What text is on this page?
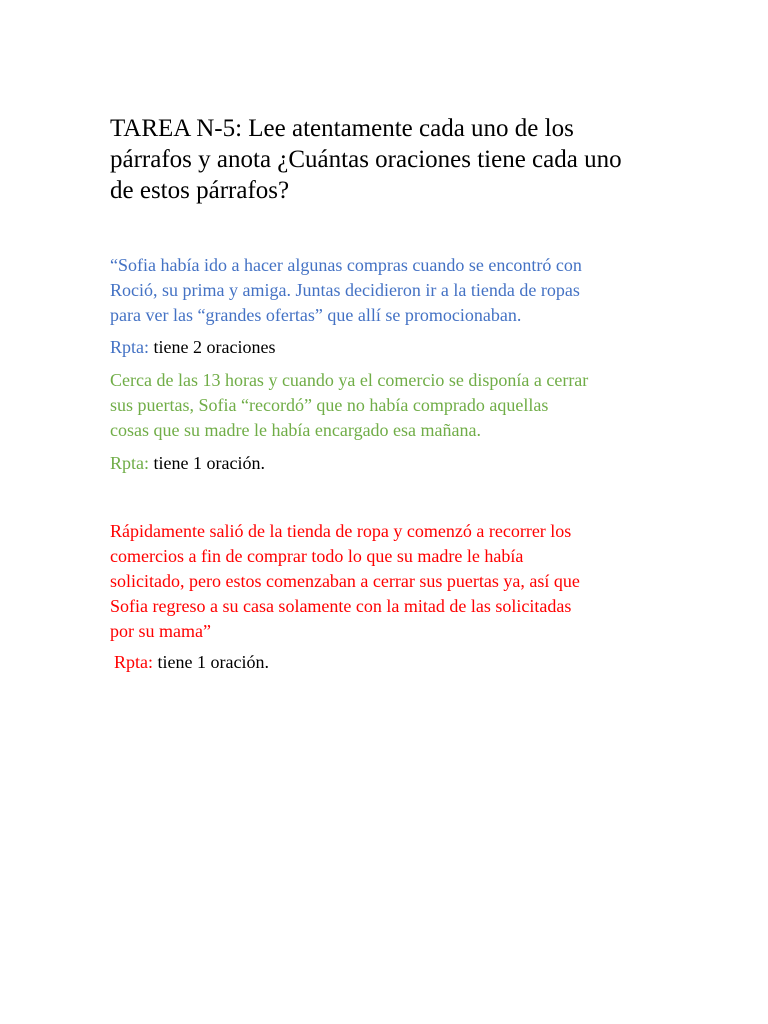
TAREA N-5: Lee atentamente cada uno de los
párrafos y anota ¿Cuántas oraciones tiene cada uno
de estos párrafos?

“Sofia había ido a hacer algunas compras cuando se encontró con
Roció, su prima y amiga. Juntas decidieron ir a la tienda de ropas
para ver las “grandes ofertas” que allí se promocionaban.

Rpta: tiene 2 oraciones

Cerca de las 13 horas y cuando ya el comercio se disponía a cerrar
sus puertas, Sofia “recordó” que no había comprado aquellas
cosas que su madre le había encargado esa mañana.

Rpta: tiene 1 oración.

Rápidamente salió de la tienda de ropa y comenzó a recorrer los
comercios a fin de comprar todo lo que su madre le había
solicitado, pero estos comenzaban a cerrar sus puertas ya, así que
Sofia regreso a su casa solamente con la mitad de las solicitadas
por su mama”

Rpta: tiene 1 oración.
